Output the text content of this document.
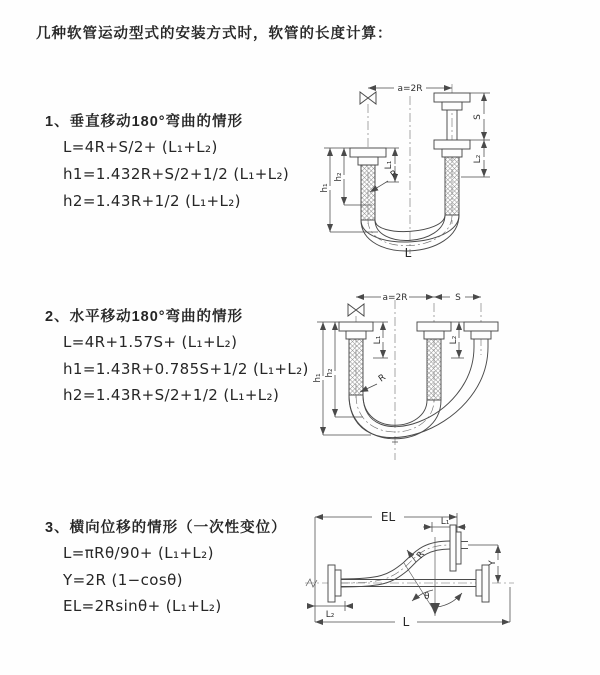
几种软管运动型式的安装方式时，软管的长度计算：
1、垂直移动180°弯曲的情形
L=4R+S/2+ (L₁+L₂)
h1=1.432R+S/2+1/2 (L₁+L₂)
h2=1.43R+1/2 (L₁+L₂)
2、水平移动180°弯曲的情形
L=4R+1.57S+ (L₁+L₂)
h1=1.43R+0.785S+1/2 (L₁+L₂)
h2=1.43R+S/2+1/2 (L₁+L₂)
3、横向位移的情形（一次性变位）
L=πRθ/90+ (L₁+L₂)
Y=2R (1−cosθ)
EL=2Rsinθ+ (L₁+L₂)
a=2R
L₁
S
L₂
h₁
h₂	R
L
a=2R	S
L₁	L₂
h₁
h₂	R
EL	L₁
Y
θ
R
L₂	L
